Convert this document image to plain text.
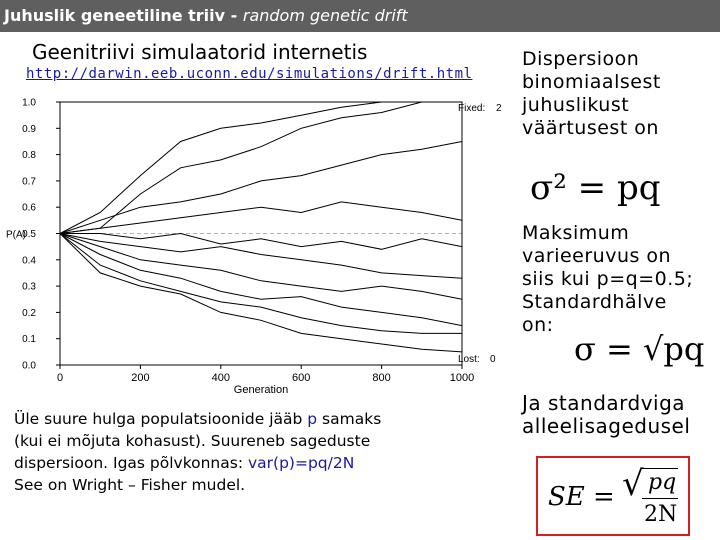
Juhuslik geneetiline triiv - random genetic drift
Geenitriivi simulaatorid internetis
http://darwin.eeb.uconn.edu/simulations/drift.html
0.0
0.1
0.2
0.3
0.4
0.5
0.6
0.7
0.8
0.9
1.0
0	200	400	600	800	1000
P(A)
Generation
Fixed: 2
Lost: 0
Üle suure hulga populatsioonide jääb p samaks
(kui ei mõjuta kohasust). Suureneb sageduste
dispersioon. Igas põlvkonnas: var(p)=pq/2N
See on Wright – Fisher mudel.
Dispersioon
binomiaalsest
juhuslikust
väärtusest on
σ² = pq
Maksimum
varieeruvus on
siis kui p=q=0.5;
Standardhälve
on:
σ = √pq
Ja standardviga
alleelisagedusel
SE = √ pq
2N
